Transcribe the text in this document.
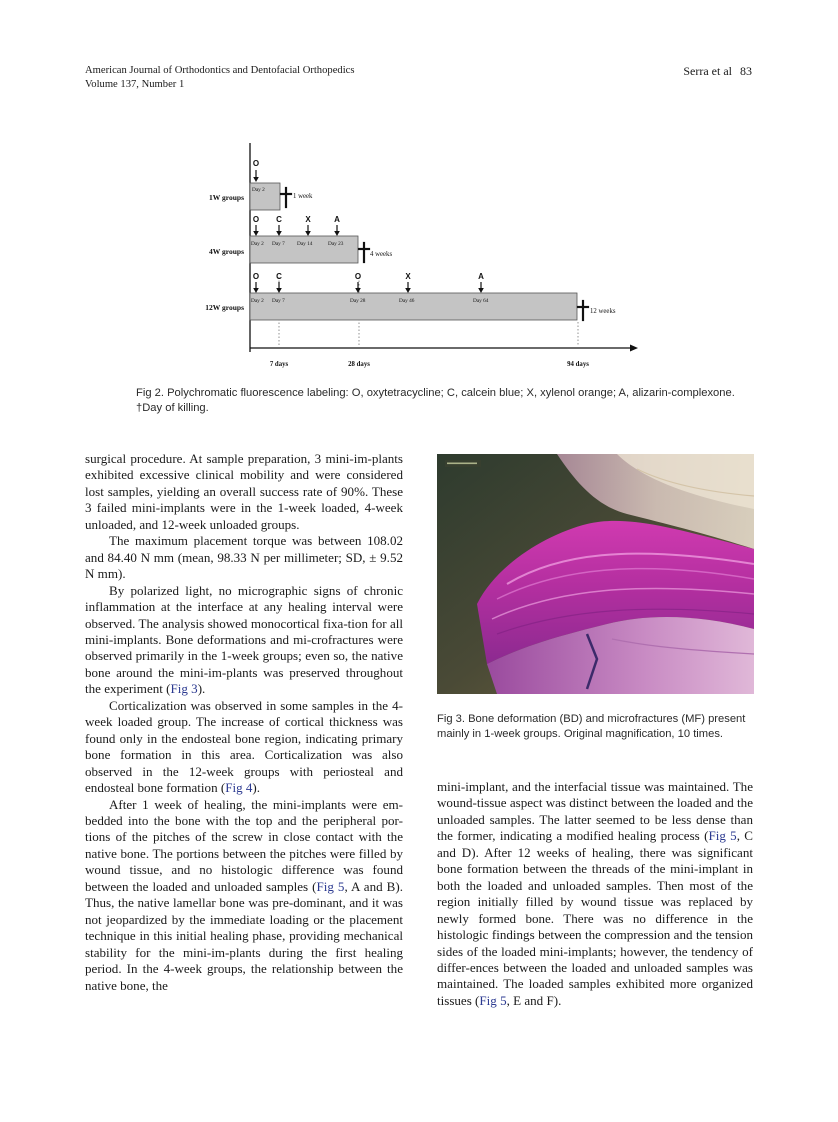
American Journal of Orthodontics and Dentofacial Orthopedics
Volume 137, Number 1
Serra et al 83
1W groups
4W groups
12W groups
O
Day 2
1 week
O
Day 2
C
Day 7
X
Day 14
A
Day 23
4 weeks
O
Day 2
C
Day 7
O
Day 28
X
Day 46
A
Day 64
12 weeks
7 days	28 days	94 days
Fig 2. Polychromatic fluorescence labeling: O, oxytetracycline; C, calcein blue; X, xylenol orange; A, alizarin-complexone. †Day of killing.
Fig 3. Bone deformation (BD) and microfractures (MF) present mainly in 1-week groups. Original magnification, 10 times.

surgical procedure. At sample preparation, 3 mini-im-plants exhibited excessive clinical mobility and were considered lost samples, yielding an overall success rate of 90%. These 3 failed mini-implants were in the 1-week loaded, 4-week unloaded, and 12-week unloaded groups.

The maximum placement torque was between 108.02 and 84.40 N mm (mean, 98.33 N per millimeter; SD, ± 9.52 N mm).

By polarized light, no micrographic signs of chronic inflammation at the interface at any healing interval were observed. The analysis showed monocortical fixa-tion for all mini-implants. Bone deformations and mi-crofractures were observed primarily in the 1-week groups; even so, the native bone around the mini-im-plants was preserved throughout the experiment (Fig 3).

Corticalization was observed in some samples in the 4-week loaded group. The increase of cortical thickness was found only in the endosteal bone region, indicating primary bone formation in this area. Corticalization was also observed in the 12-week groups with periosteal and endosteal bone formation (Fig 4).

After 1 week of healing, the mini-implants were em-bedded into the bone with the top and the peripheral por-tions of the pitches of the screw in close contact with the native bone. The portions between the pitches were filled by wound tissue, and no histologic difference was found between the loaded and unloaded samples (Fig 5, A and B). Thus, the native lamellar bone was pre-dominant, and it was not jeopardized by the immediate loading or the placement technique in this initial healing phase, providing mechanical stability for the mini-im-plants during the first healing period. In the 4-week groups, the relationship between the native bone, the

mini-implant, and the interfacial tissue was maintained. The wound-tissue aspect was distinct between the loaded and the unloaded samples. The latter seemed to be less dense than the former, indicating a modified healing process (Fig 5, C and D). After 12 weeks of healing, there was significant bone formation between the threads of the mini-implant in both the loaded and unloaded samples. Then most of the region initially filled by wound tissue was replaced by newly formed bone. There was no difference in the histologic findings between the compression and the tension sides of the loaded mini-implants; however, the tendency of differ-ences between the loaded and unloaded samples was maintained. The loaded samples exhibited more organized tissues (Fig 5, E and F).
